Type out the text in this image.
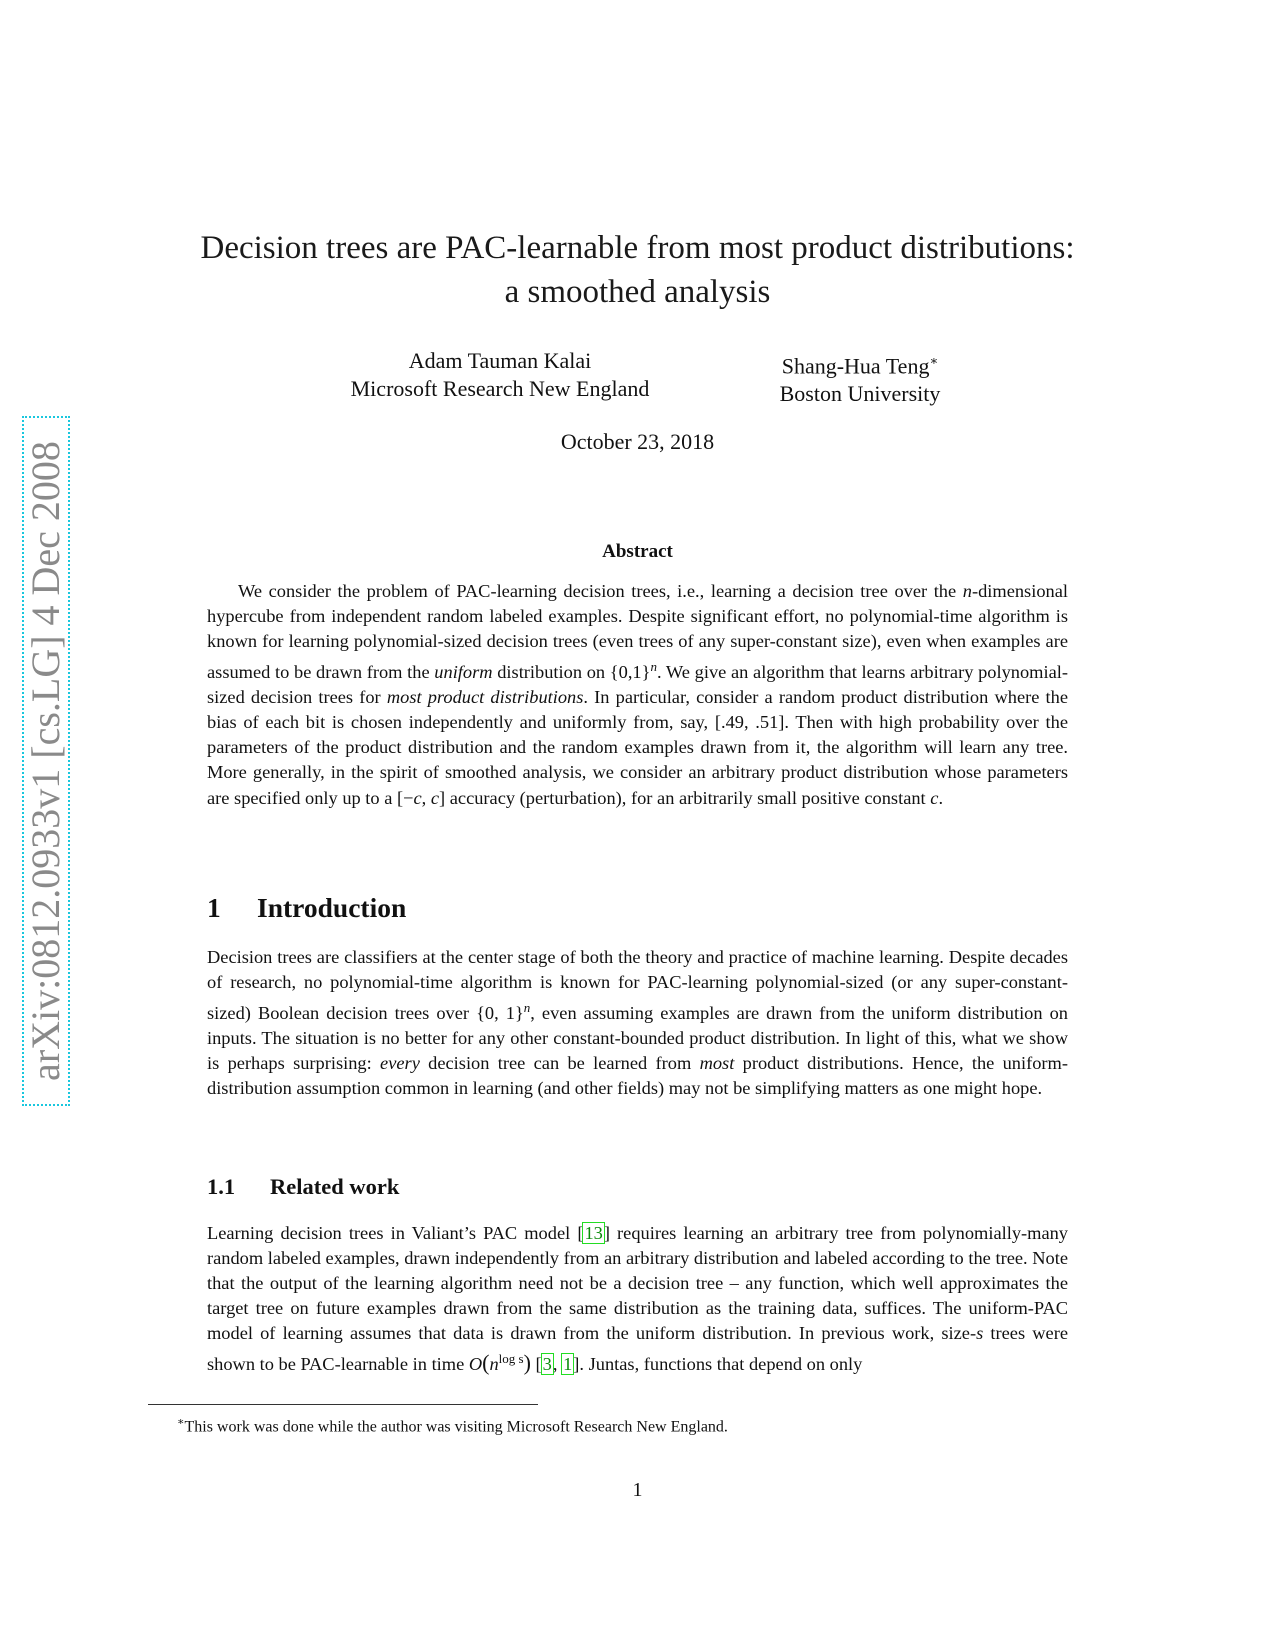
arXiv:0812.0933v1 [cs.LG] 4 Dec 2008
Decision trees are PAC-learnable from most product distributions:
a smoothed analysis
Adam Tauman Kalai
Microsoft Research New England
Shang-Hua Teng∗
Boston University
October 23, 2018
Abstract

We consider the problem of PAC-learning decision trees, i.e., learning a decision tree over the n-dimensional hypercube from independent random labeled examples. Despite significant effort, no polynomial-time algorithm is known for learning polynomial-sized decision trees (even trees of any super-constant size), even when examples are assumed to be drawn from the uniform distribution on $\{0,1\}^n$. We give an algorithm that learns arbitrary polynomial-sized decision trees for most product distributions. In particular, consider a random product distribution where the bias of each bit is chosen independently and uniformly from, say, [.49, .51]. Then with high probability over the parameters of the product distribution and the random examples drawn from it, the algorithm will learn any tree. More generally, in the spirit of smoothed analysis, we consider an arbitrary product distribution whose parameters are specified only up to a [−c, c] accuracy (perturbation), for an arbitrarily small positive constant c.

1 Introduction

Decision trees are classifiers at the center stage of both the theory and practice of machine learning. Despite decades of research, no polynomial-time algorithm is known for PAC-learning polynomial-sized (or any super-constant-sized) Boolean decision trees over {0, 1}$^n$, even assuming examples are drawn from the uniform distribution on inputs. The situation is no better for any other constant-bounded product distribution. In light of this, what we show is perhaps surprising: every decision tree can be learned from most product distributions. Hence, the uniform-distribution assumption common in learning (and other fields) may not be simplifying matters as one might hope.

1.1 Related work

Learning decision trees in Valiant’s PAC model [13] requires learning an arbitrary tree from polynomially-many random labeled examples, drawn independently from an arbitrary distribution and labeled according to the tree. Note that the output of the learning algorithm need not be a decision tree – any function, which well approximates the target tree on future examples drawn from the same distribution as the training data, suffices. The uniform-PAC model of learning assumes that data is drawn from the uniform distribution. In previous work, size-s trees were shown to be PAC-learnable in time $O(n^{log s})$ [3, 1]. Juntas, functions that depend on only

∗This work was done while the author was visiting Microsoft Research New England.
1
